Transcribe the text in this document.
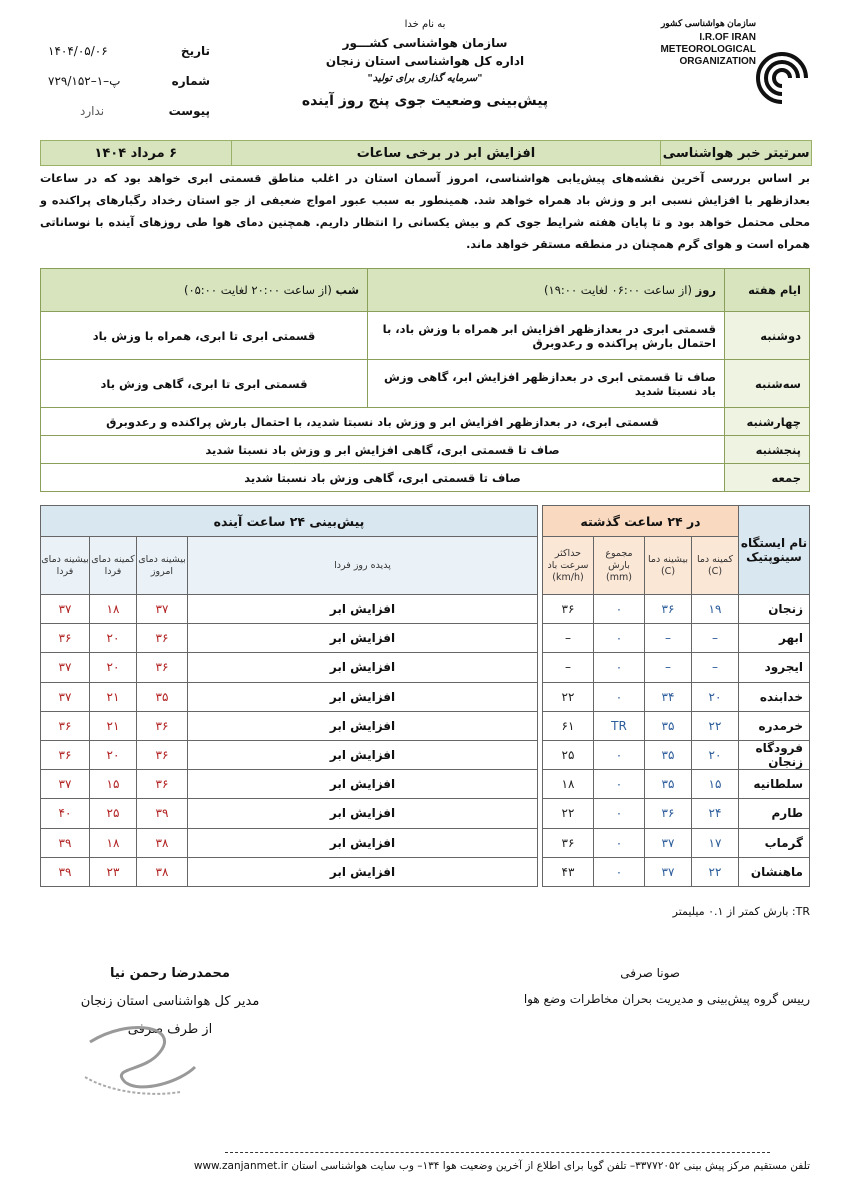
به نام خدا
سازمان هواشناسی کشـــور
اداره کل هواشناسی استان زنجان
"سرمایه گذاری برای تولید"
پیش‌بینی وضعیت جوی پنج روز آینده
۱۴۰۴/۰۵/۰۶	تاریخ
۷۲۹/۱۵۲–۱–پ	شماره
ندارد	پیوست
سازمان هواشناسی کشور
I.R.OF IRAN
METEOROLOGICAL
ORGANIZATION
سرتیتر خبر هواشناسی
افزایش ابر در برخی ساعات
۶ مرداد ۱۴۰۴
بر اساس بررسی آخرین نقشه‌های پیش‌یابی هواشناسی، امروز آسمان استان در اغلب مناطق قسمتی ابری خواهد بود که در ساعات بعدازظهر با افزایش نسبی ابر و وزش باد همراه خواهد شد. همینطور به سبب عبور امواج ضعیفی از جو استان رخداد رگبارهای پراکنده و محلی محتمل خواهد بود و تا پایان هفته شرایط جوی کم و بیش یکسانی را انتظار داریم. همچنین دمای هوا طی روزهای آینده با نوساناتی همراه است و هوای گرم همچنان در منطقه مستقر خواهد ماند.
ایام هفته	روز (از ساعت ۰۶:۰۰ لغایت ۱۹:۰۰)	شب (از ساعت ۲۰:۰۰ لغایت ۰۵:۰۰)
دوشنبه	قسمتی ابری در بعدازظهر افزایش ابر همراه با وزش باد، با احتمال بارش پراکنده و رعدوبرق	قسمتی ابری تا ابری، همراه با وزش باد
سه‌شنبه	صاف تا قسمتی ابری در بعدازظهر افزایش ابر، گاهی وزش باد نسبتا شدید	قسمتی ابری تا ابری، گاهی وزش باد
چهارشنبه	قسمتی ابری، در بعدازظهر افزایش ابر و وزش باد نسبتا شدید، با احتمال بارش پراکنده و رعدوبرق	
پنجشنبه	صاف تا قسمتی ابری، گاهی افزایش ابر و وزش باد نسبتا شدید	
جمعه	صاف تا قسمتی ابری، گاهی وزش باد نسبتا شدید	
نام ایستگاه سینوپتیک	در ۲۴ ساعت گذشته					پیش‌بینی ۲۴ ساعت آینده			
	کمینه دما (C)	بیشینه دما (C)	مجموع بارش (mm)	حداکثر سرعت باد (km/h)		پدیده روز فردا	بیشینه دمای امروز	کمینه دمای فردا	بیشینه دمای فردا
زنجان	۱۹	۳۶	۰	۳۶		افزایش ابر	۳۷	۱۸	۳۷
ابهر	–	–	۰	–		افزایش ابر	۳۶	۲۰	۳۶
ایجرود	–	–	۰	–		افزایش ابر	۳۶	۲۰	۳۷
خدابنده	۲۰	۳۴	۰	۲۲		افزایش ابر	۳۵	۲۱	۳۷
خرمدره	۲۲	۳۵	TR	۶۱		افزایش ابر	۳۶	۲۱	۳۶
فرودگاه زنجان	۲۰	۳۵	۰	۲۵		افزایش ابر	۳۶	۲۰	۳۶
سلطانیه	۱۵	۳۵	۰	۱۸		افزایش ابر	۳۶	۱۵	۳۷
طارم	۲۴	۳۶	۰	۲۲		افزایش ابر	۳۹	۲۵	۴۰
گرماب	۱۷	۳۷	۰	۳۶		افزایش ابر	۳۸	۱۸	۳۹
ماهنشان	۲۲	۳۷	۰	۴۳		افزایش ابر	۳۸	۲۳	۳۹
TR: بارش کمتر از ۰.۱ میلیمتر
صونا صرفی
رییس گروه پیش‌بینی و مدیریت بحران مخاطرات وضع هوا
محمدرضا رحمن نیا
مدیر کل هواشناسی استان زنجان
از طرف صرفی
تلفن مستقیم مرکز پیش بینی ۳۳۷۷۲۰۵۲– تلفن گویا برای اطلاع از آخرین وضعیت هوا ۱۳۴– وب سایت هواشناسی استان www.zanjanmet.ir
